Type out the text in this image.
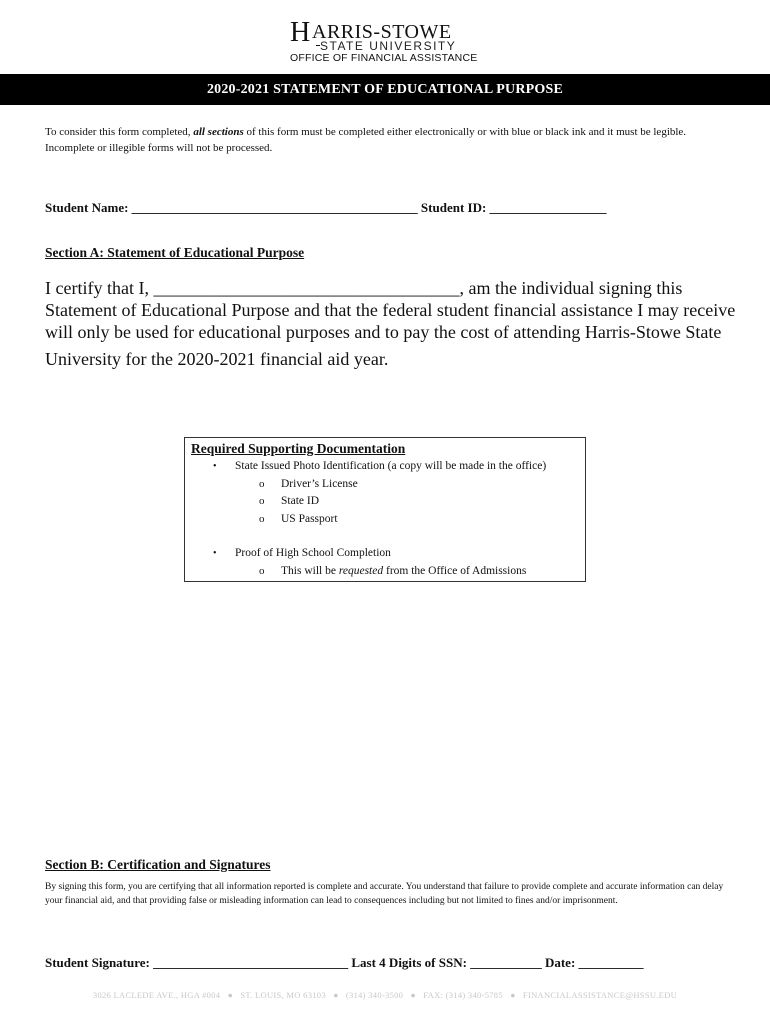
H ARRIS-STOWE
STATE UNIVERSITY
OFFICE OF FINANCIAL ASSISTANCE
2020-2021 STATEMENT OF EDUCATIONAL PURPOSE

To consider this form completed, all sections of this form must be completed either electronically or with blue or black ink and it must be legible. Incomplete or illegible forms will not be processed.

Student Name: ____________________________________________ Student ID: __________________
Section A: Statement of Educational Purpose
I certify that I, __________________________________, am the individual signing this
Statement of Educational Purpose and that the federal student financial assistance I may receive
will only be used for educational purposes and to pay the cost of attending Harris-Stowe State
University for the 2020-2021 financial aid year.
Required Supporting Documentation
• State Issued Photo Identification (a copy will be made in the office)
o Driver’s License
o State ID
o US Passport
• Proof of High School Completion
o This will be requested from the Office of Admissions
Section B: Certification and Signatures

By signing this form, you are certifying that all information reported is complete and accurate. You understand that failure to provide complete and accurate information can delay your financial aid, and that providing false or misleading information can lead to consequences including but not limited to fines and/or imprisonment.

Student Signature: ______________________________ Last 4 Digits of SSN: ___________ Date: __________
3026 LACLEDE AVE., HGA #004 ● ST. LOUIS, MO 63103 ● (314) 340-3500 ● FAX: (314) 340-5785 ● FINANCIALASSISTANCE@HSSU.EDU
